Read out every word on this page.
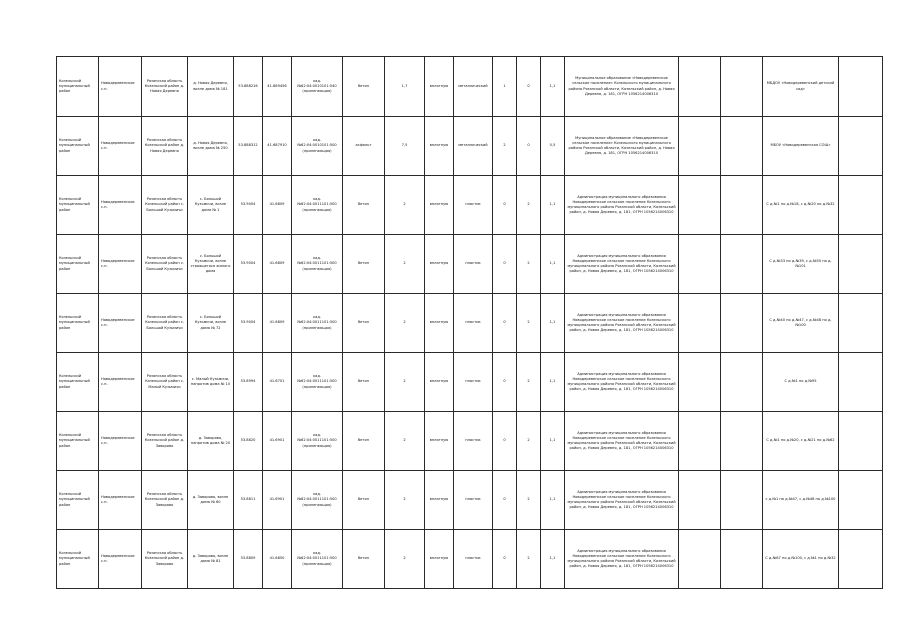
Козельский муниципальный район	Новодеревенское с.п.	Рязанская область Козельский район д. Новая Деревня	д. Новая Деревня, возле дома № 181	53.888216	41.689456	кад.№62:04:0010101:540 (прилегающая)	бетон	1,7	вплотную	металлический	1	0	1,1	Муниципальное образование «Новодеревенское сельское поселение» Козельского муниципального района Рязанской области, Козельский район, д. Новая Деревня, д. 181, ОГРН 1056214006310			МБДОУ «Новодеревенский детский сад»	
Козельский муниципальный район	Новодеревенское с.п.	Рязанская область Козельский район д. Новая Деревня	д. Новая Деревня, возле дома № 250	53.888312	41.687910	кад.№62:04:0010101:500 (прилегающая)	асфальт	7,5	вплотную	металлический	2	0	0,5	Муниципальное образование «Новодеревенское сельское поселение» Козельского муниципального района Рязанской области, Козельский район, д. Новая Деревня, д. 181, ОГРН 1056214006310			МБОУ «Новодеревенская СОШ»	
Козельский муниципальный район	Новодеревенское с.п.	Рязанская область Козельский район с. Большой Кузьмичи	с. Большой Кузьмичи, возле дома № 1	53.9004	41.6809	кад.№62:04:0011101:500 (прилегающая)	бетон	2	вплотную	пластик	0	2	1,1	Администрация муниципального образования Новодеревенское сельское поселение Козельского муниципального района Рязанской области, Козельский район, д. Новая Деревня, д. 181, ОГРН 1056214006310			С д.№1 по д.№18, с д.№20 по д.№32	
Козельский муниципальный район	Новодеревенское с.п.	Рязанская область Козельский район с. Большой Кузьмичи	с. Большой Кузьмичи, возле строящегося жилого дома	53.9004	41.6809	кад.№62:04:0011101:500 (прилегающая)	бетон	2	вплотную	пластик	0	2	1,1	Администрация муниципального образования Новодеревенское сельское поселение Козельского муниципального района Рязанской области, Козельский район, д. Новая Деревня, д. 181, ОГРН 1056214006310			С д.№33 по д.№39, с д.№50 по д.№101	
Козельский муниципальный район	Новодеревенское с.п.	Рязанская область Козельский район с. Большой Кузьмичи	с. Большой Кузьмичи, возле дома № 72	53.9004	41.6809	кад.№62:04:0011101:500 (прилегающая)	бетон	2	вплотную	пластик	0	2	1,1	Администрация муниципального образования Новодеревенское сельское поселение Козельского муниципального района Рязанской области, Козельский район, д. Новая Деревня, д. 181, ОГРН 1056214006310			С д.№40 по д.№47, с д.№48 по д.№100	
Козельский муниципальный район	Новодеревенское с.п.	Рязанская область Козельский район с. Малый Кузьмичи	с. Малый Кузьмичи, напротив дома № 10	53.8994	41.6701	кад.№62:04:0011101:500 (прилегающая)	бетон	2	вплотную	пластик	0	2	1,1	Администрация муниципального образования Новодеревенское сельское поселение Козельского муниципального района Рязанской области, Козельский район, д. Новая Деревня, д. 181, ОГРН 1056214006310			С д.№1 по д.№95	
Козельский муниципальный район	Новодеревенское с.п.	Рязанская область Козельский район д. Заворово	д. Заворово, напротив дома № 20	53.8820	41.6901	кад.№62:04:0011101:500 (прилегающая)	бетон	2	вплотную	пластик	0	2	1,1	Администрация муниципального образования Новодеревенское сельское поселение Козельского муниципального района Рязанской области, Козельский район, д. Новая Деревня, д. 181, ОГРН 1056214006310			С д.№1 по д.№20, с д.№21 по д.№62	
Козельский муниципальный район	Новодеревенское с.п.	Рязанская область Козельский район д. Заворово	д. Заворово, возле дома № 60	53.8811	41.6901	кад.№62:04:0011101:500 (прилегающая)	бетон	2	вплотную	пластик	0	2	1,1	Администрация муниципального образования Новодеревенское сельское поселение Козельского муниципального района Рязанской области, Козельский район, д. Новая Деревня, д. 181, ОГРН 1056214006310			с д.№1 по д.№47, с д.№48 по д.№100	
Козельский муниципальный район	Новодеревенское с.п.	Рязанская область Козельский район д. Заворово	д. Заворово, возле дома № 81	53.8809	41.6850	кад.№62:04:0011101:500 (прилегающая)	бетон	2	вплотную	пластик	0	2	1,1	Администрация муниципального образования Новодеревенское сельское поселение Козельского муниципального района Рязанской области, Козельский район, д. Новая Деревня, д. 181, ОГРН 1056214006310			С д.№67 по д.№100, с д.№1 по д.№32	
